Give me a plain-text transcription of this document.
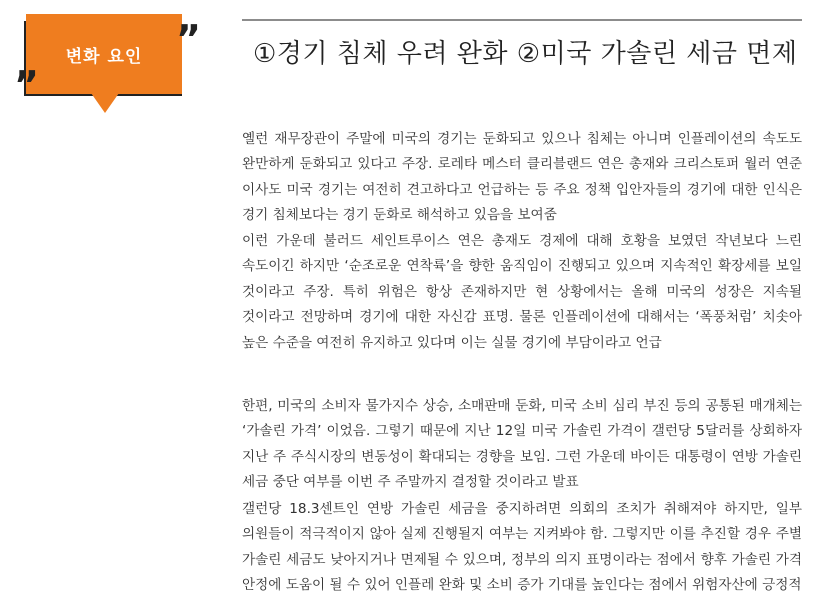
변화 요인 ”
”
①경기 침체 우려 완화 ②미국 가솔린 세금 면제

옐런 재무장관이 주말에 미국의 경기는 둔화되고 있으나 침체는 아니며 인플레이션의 속도도 완만하게 둔화되고 있다고 주장. 로레타 메스터 클리블랜드 연은 총재와 크리스토퍼 월러 연준 이사도 미국 경기는 여전히 견고하다고 언급하는 등 주요 정책 입안자들의 경기에 대한 인식은 경기 침체보다는 경기 둔화로 해석하고 있음을 보여줌

이런 가운데 불러드 세인트루이스 연은 총재도 경제에 대해 호황을 보였던 작년보다 느린 속도이긴 하지만 ‘순조로운 연착륙’을 향한 움직임이 진행되고 있으며 지속적인 확장세를 보일 것이라고 주장. 특히 위험은 항상 존재하지만 현 상황에서는 올해 미국의 성장은 지속될 것이라고 전망하며 경기에 대한 자신감 표명. 물론 인플레이션에 대해서는 ‘폭풍처럼’ 치솟아 높은 수준을 여전히 유지하고 있다며 이는 실물 경기에 부담이라고 언급

한편, 미국의 소비자 물가지수 상승, 소매판매 둔화, 미국 소비 심리 부진 등의 공통된 매개체는 ‘가솔린 가격’ 이었음. 그렇기 때문에 지난 12일 미국 가솔린 가격이 갤런당 5달러를 상회하자 지난 주 주식시장의 변동성이 확대되는 경향을 보임. 그런 가운데 바이든 대통령이 연방 가솔린 세금 중단 여부를 이번 주 주말까지 결정할 것이라고 발표

갤런당 18.3센트인 연방 가솔린 세금을 중지하려면 의회의 조치가 취해져야 하지만, 일부 의원들이 적극적이지 않아 실제 진행될지 여부는 지켜봐야 함. 그렇지만 이를 추진할 경우 주별 가솔린 세금도 낮아지거나 면제될 수 있으며, 정부의 의지 표명이라는 점에서 향후 가솔린 가격 안정에 도움이 될 수 있어 인플레 완화 및 소비 증가 기대를 높인다는 점에서 위험자산에 긍정적
